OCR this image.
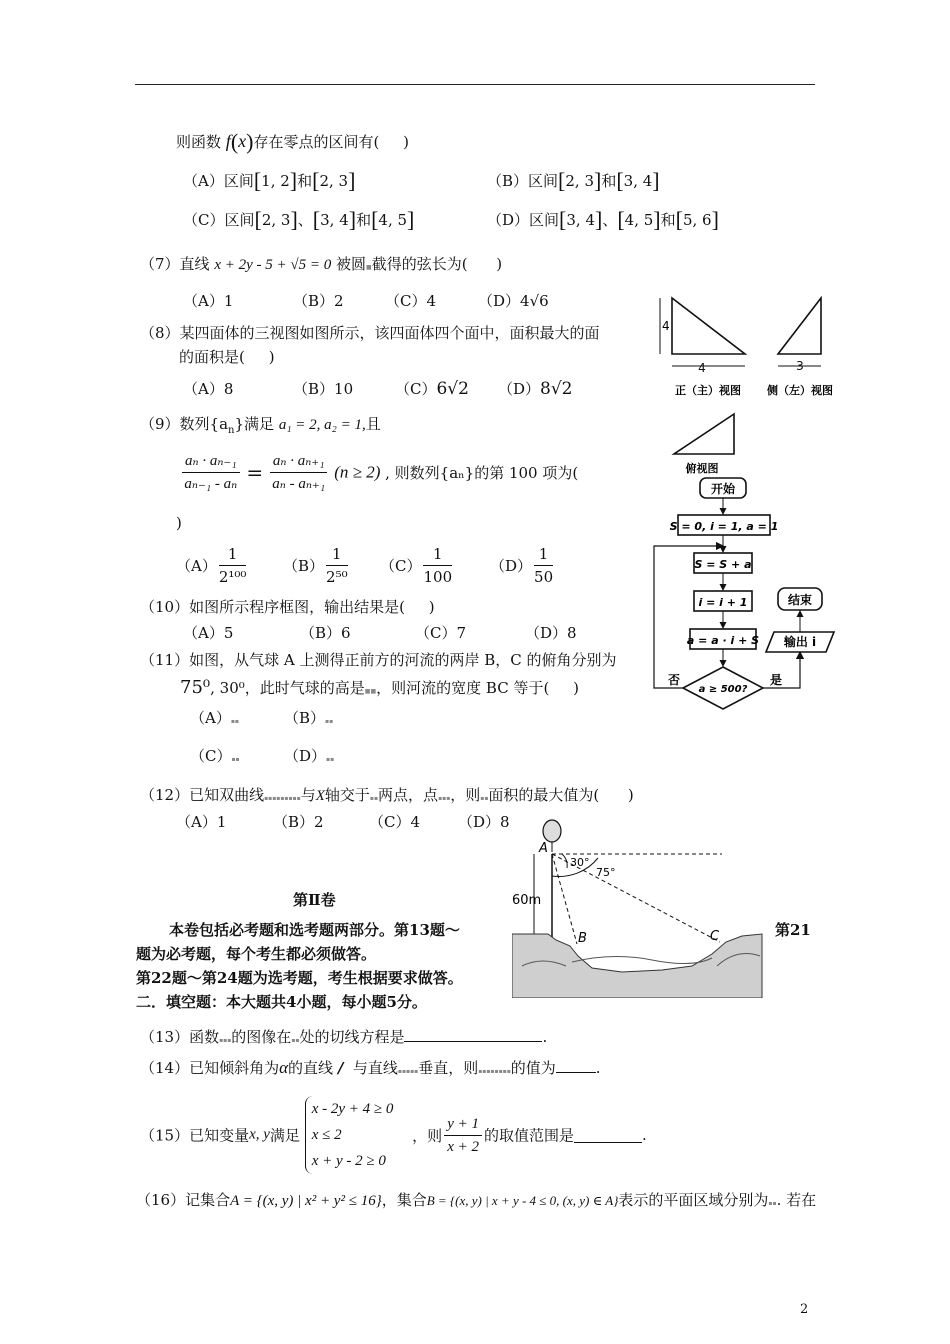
则函数 f(x)存在零点的区间有( )
（A）区间[1, 2]和[2, 3]	（B）区间[2, 3]和[3, 4]
（C）区间[2, 3]、[3, 4]和[4, 5]	（D）区间[3, 4]、[4, 5]和[5, 6]
（7）直线 x + 2y - 5 + √5 = 0 被圆■截得的弦长为( )
（A）1	（B）2	（C）4	（D）4√6
（8）某四面体的三视图如图所示，该四面体四个面中，面积最大的面
的面积是( )
（A）8	（B）10	（C）6√2 （D）8√2
（9）数列$\{a_n\}$满足 a₁ = 2, a₂ = 1,且
$\frac{\text{aₙ · aₙ₋₁}}{\text{aₙ₋₁ - aₙ}} = \frac{\text{aₙ · aₙ₊₁}}{\text{aₙ - aₙ₊₁}} (n \ge 2)$ , 则数列{aₙ}的第 100 项为(
)
$(A) \frac{1}{\text{2¹⁰⁰}} (B) \frac{1}{\text{2⁵⁰}} (C) \frac{1}{100}$	$(D) \frac{1}{50}$
（10）如图所示程序框图，输出结果是( )
（A）5	（B）6	（C）7	（D）8
（11）如图，从气球 A 上测得正前方的河流的两岸 B，C 的俯角分别为
75⁰, 30⁰，此时气球的高是■■，则河流的宽度 BC 等于( )
（A）▪▪	（B）▪▪
（C）▪▪	（D）▪▪
（12）已知双曲线▪▪▪▪▪▪▪▪▪与X轴交于▪▪两点，点▪▪▪，则▪▪面积的最大值为( )
（A）1	（B）2	（C）4	（D）8
第Ⅱ卷
本卷包括必考题和选考题两部分。第13题～	第21
题为必考题，每个考生都必须做答。
第22题～第24题为选考题，考生根据要求做答。
二．填空题：本大题共4小题，每小题5分。
（13）函数▪▪▪的图像在▪▪处的切线方程是	.
（14）已知倾斜角为α的直线 / 与直线▪▪▪▪▪垂直，则▪▪▪▪▪▪▪▪的值为	.
（15）已知变量x, y满足
x - 2y + 4 ≥ 0
x ≤ 2
x + y - 2 ≥ 0
，则 $\frac{y + 1}{x + 2}$ 的取值范围是	.
（16）记集合A = {(x, y) | x² + y² ≤ 16}，集合B = {(x, y) | x + y - 4 ≤ 0, (x, y) ∈ A}表示的平面区域分别为▪▪. 若在
2
4
4
正（主）视图
3
侧（左）视图
俯视图
开始
S = 0, i = 1, a = 1
S = S + a
i = i + 1
a = a · i + S
a ≥ 500?
否	是
输出 i
结束
A
30°
75°
60m
B	C
